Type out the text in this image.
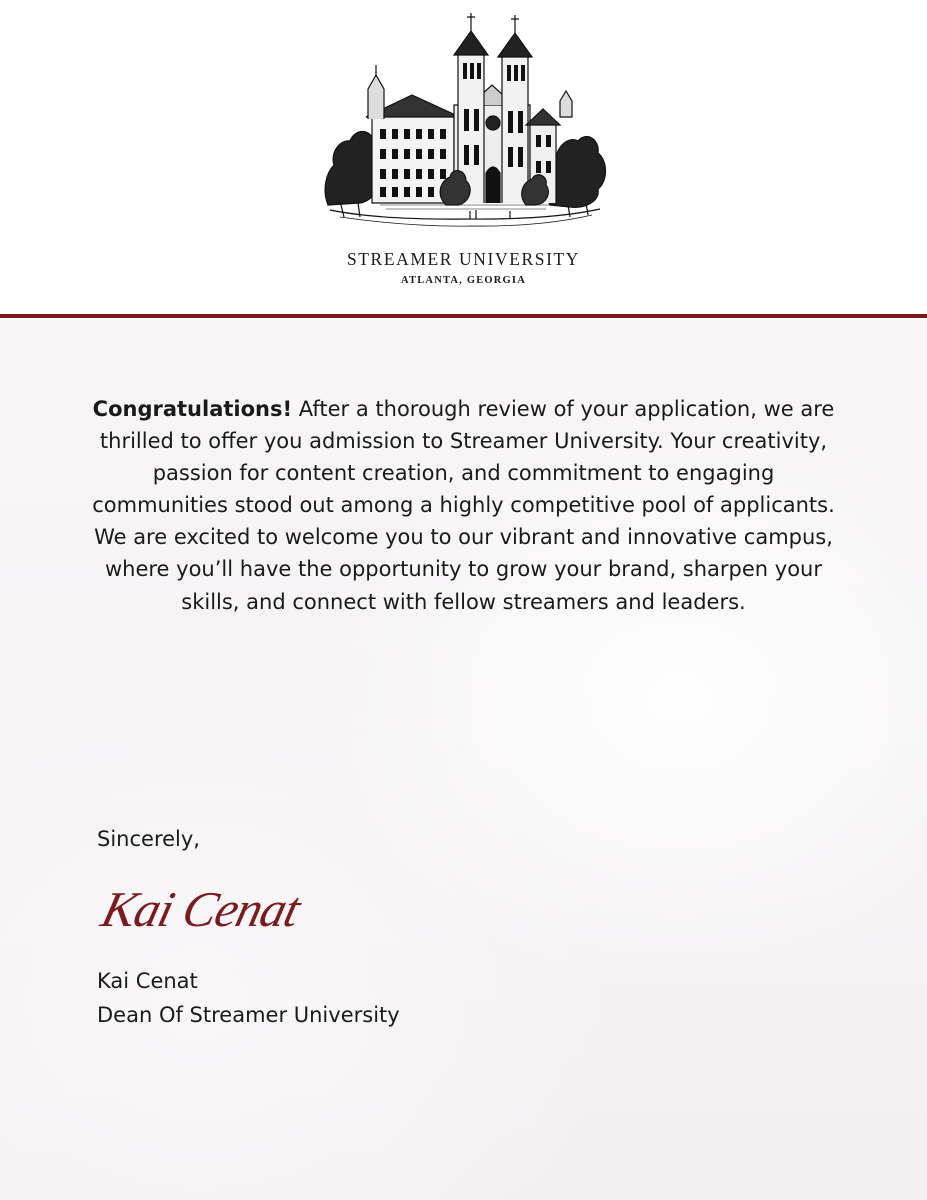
STREAMER UNIVERSITY
ATLANTA, GEORGIA
Congratulations! After a thorough review of your application, we are thrilled to offer you admission to Streamer University. Your creativity, passion for content creation, and commitment to engaging communities stood out among a highly competitive pool of applicants. We are excited to welcome you to our vibrant and innovative campus, where you’ll have the opportunity to grow your brand, sharpen your skills, and connect with fellow streamers and leaders.
Sincerely,
Kai Cenat
Kai Cenat
Dean Of Streamer University
